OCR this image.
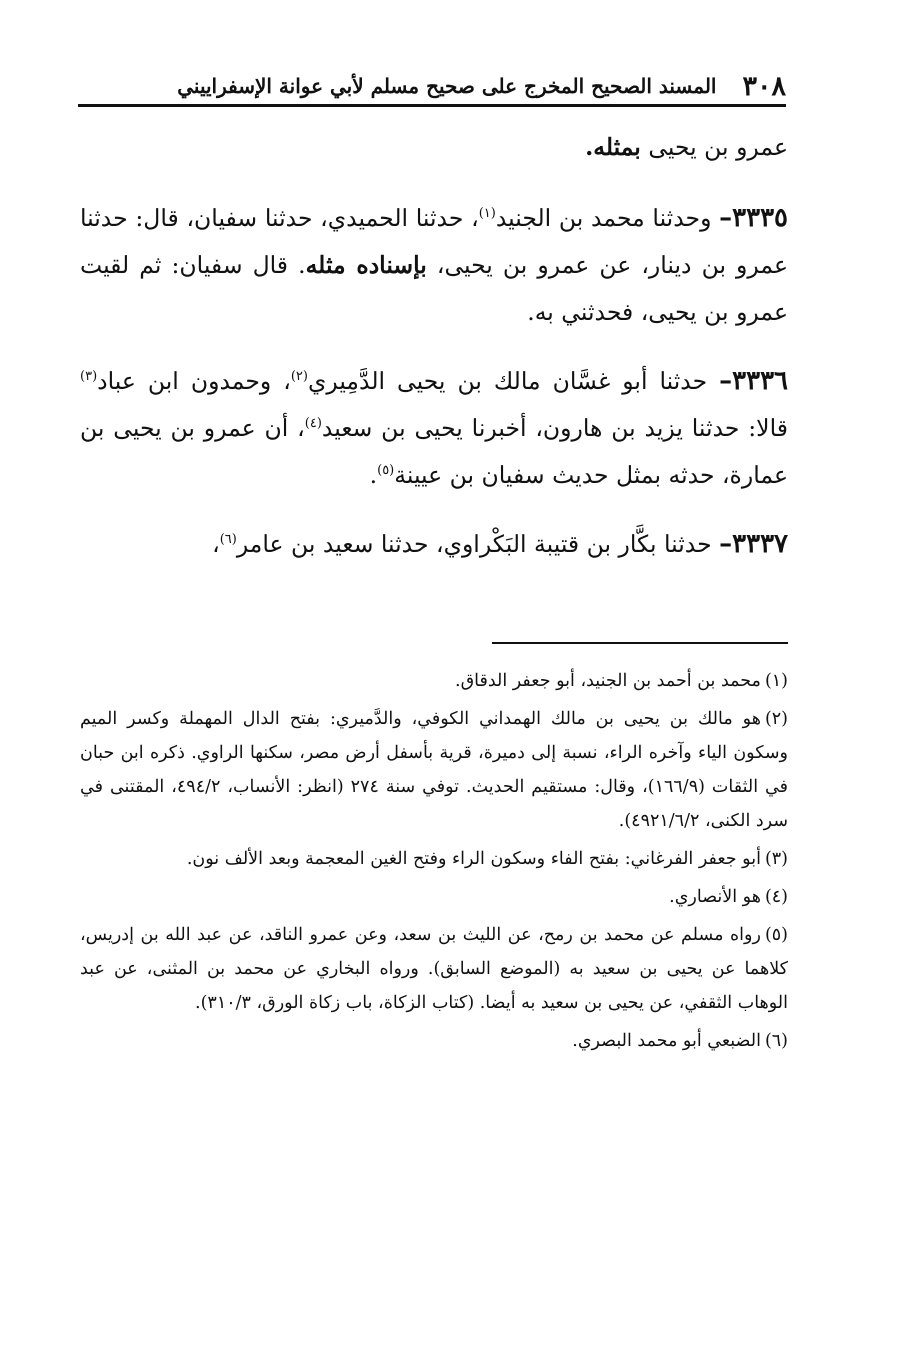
٣٠٨
المسند الصحيح المخرج على صحيح مسلم لأبي عوانة الإسفراييني

عمرو بن يحيى بمثله.

٣٣٣٥– وحدثنا محمد بن الجنيد$^{(١)}$، حدثنا الحميدي، حدثنا سفيان، قال: حدثنا عمرو بن دينار، عن عمرو بن يحيى، بإسناده مثله. قال سفيان: ثم لقيت عمرو بن يحيى، فحدثني به.

٣٣٣٦– حدثنا أبو غسَّان مالك بن يحيى الدَّمِيري$^{(٢)}$، وحمدون ابن عباد$^{(٣)}$ قالا: حدثنا يزيد بن هارون، أخبرنا يحيى بن سعيد$^{(٤)}$، أن عمرو بن يحيى بن عمارة، حدثه بمثل حديث سفيان بن عيينة$^{(٥)}$.

٣٣٣٧– حدثنا بكَّار بن قتيبة البَكْراوي، حدثنا سعيد بن عامر$^{(٦)}$،

(١)محمد بن أحمد بن الجنيد، أبو جعفر الدقاق.

(٢)هو مالك بن يحيى بن مالك الهمداني الكوفي، والدَّميري: بفتح الدال المهملة وكسر الميم وسكون الياء وآخره الراء، نسبة إلى دميرة، قرية بأسفل أرض مصر، سكنها الراوي. ذكره ابن حبان في الثقات (١٦٦/٩)، وقال: مستقيم الحديث. توفي سنة ٢٧٤ (انظر: الأنساب، ٤٩٤/٢، المقتنى في سرد الكنى، ٤٩٢١/٦/٢).

(٣)أبو جعفر الفرغاني: بفتح الفاء وسكون الراء وفتح الغين المعجمة وبعد الألف نون.

(٤)هو الأنصاري.

(٥)رواه مسلم عن محمد بن رمح، عن الليث بن سعد، وعن عمرو الناقد، عن عبد الله بن إدريس، كلاهما عن يحيى بن سعيد به (الموضع السابق). ورواه البخاري عن محمد بن المثنى، عن عبد الوهاب الثقفي، عن يحيى بن سعيد به أيضا. (كتاب الزكاة، باب زكاة الورق، ٣١٠/٣).

(٦)الضبعي أبو محمد البصري.
